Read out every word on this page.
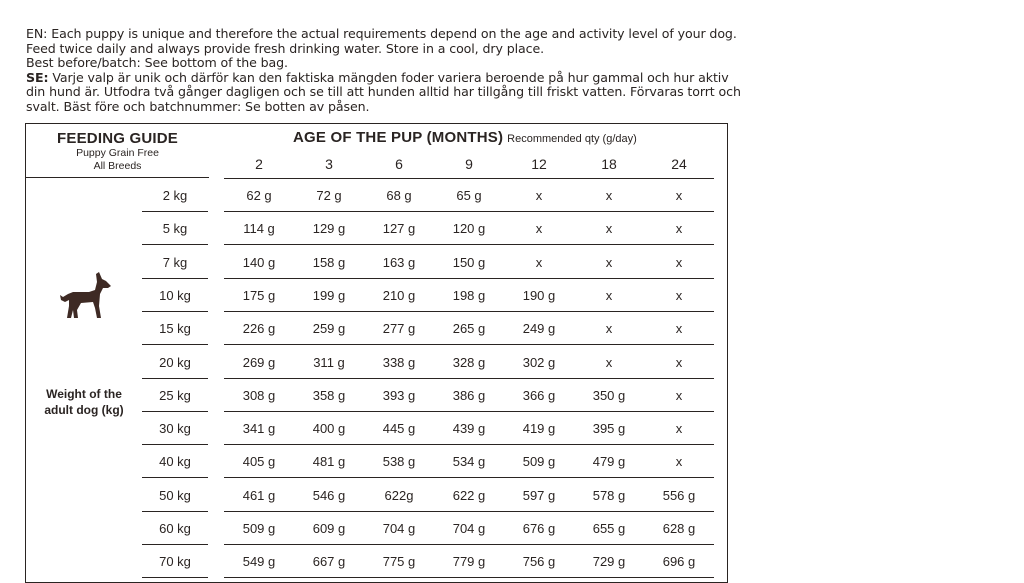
EN: Each puppy is unique and therefore the actual requirements depend on the age and activity level of your dog. Feed twice daily and always provide fresh drinking water. Store in a cool, dry place.

Best before/batch: See bottom of the bag.

SE: Varje valp är unik och därför kan den faktiska mängden foder variera beroende på hur gammal och hur aktiv din hund är. Utfodra två gånger dagligen och se till att hunden alltid har tillgång till friskt vatten. Förvaras torrt och svalt. Bäst före och batchnummer: Se botten av påsen.

FEEDING GUIDE
Puppy Grain Free
All Breeds
AGE OF THE PUP (MONTHS) Recommended qty (g/day)
2	3	6	9	12	18	24
Weight of the
adult dog (kg)
2 kg	62 g	72 g	68 g	65 g	x	x	x
5 kg	114 g	129 g	127 g	120 g	x	x	x
7 kg	140 g	158 g	163 g	150 g	x	x	x
10 kg	175 g	199 g	210 g	198 g	190 g	x	x
15 kg	226 g	259 g	277 g	265 g	249 g	x	x
20 kg	269 g	311 g	338 g	328 g	302 g	x	x
25 kg	308 g	358 g	393 g	386 g	366 g	350 g	x
30 kg	341 g	400 g	445 g	439 g	419 g	395 g	x
40 kg	405 g	481 g	538 g	534 g	509 g	479 g	x
50 kg	461 g	546 g	622g	622 g	597 g	578 g	556 g
60 kg	509 g	609 g	704 g	704 g	676 g	655 g	628 g
70 kg	549 g	667 g	775 g	779 g	756 g	729 g	696 g
